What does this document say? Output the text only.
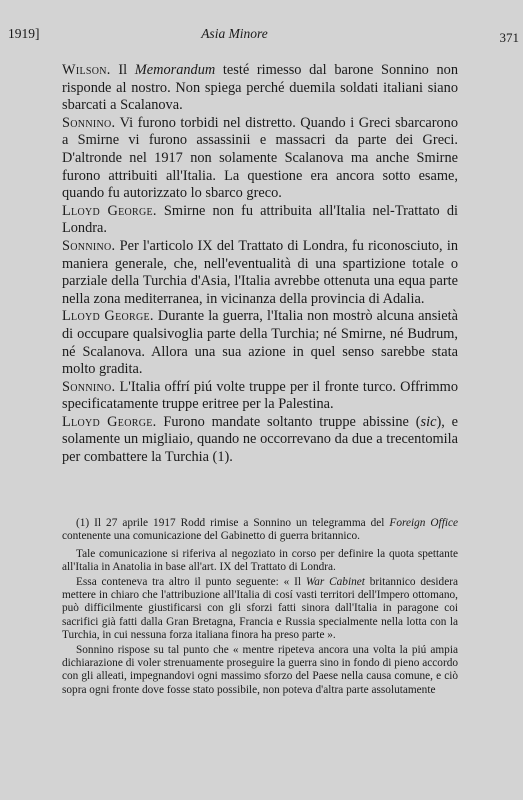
1919]	Asia Minore	371

Wilson. Il Memorandum testé rimesso dal barone Sonnino non risponde al nostro. Non spiega perché duemila soldati italiani siano sbarcati a Scalanova.

Sonnino. Vi furono torbidi nel distretto. Quando i Greci sbarcarono a Smirne vi furono assassinii e massacri da parte dei Greci. D'altronde nel 1917 non solamente Scalanova ma anche Smirne furono attribuiti all'Italia. La questione era ancora sotto esame, quando fu autorizzato lo sbarco greco.

Lloyd George. Smirne non fu attribuita all'Italia nel-Trattato di Londra.

Sonnino. Per l'articolo IX del Trattato di Londra, fu riconosciuto, in maniera generale, che, nell'eventualità di una spartizione totale o parziale della Turchia d'Asia, l'Italia avrebbe ottenuta una equa parte nella zona mediterranea, in vicinanza della provincia di Adalia.

Lloyd George. Durante la guerra, l'Italia non mostrò alcuna ansietà di occupare qualsivoglia parte della Turchia; né Smirne, né Budrum, né Scalanova. Allora una sua azione in quel senso sarebbe stata molto gradita.

Sonnino. L'Italia offrí piú volte truppe per il fronte turco. Offrimmo specificatamente truppe eritree per la Palestina.

Lloyd George. Furono mandate soltanto truppe abissine (sic), e solamente un migliaio, quando ne occorrevano da due a trecentomila per combattere la Turchia (1).

(1) Il 27 aprile 1917 Rodd rimise a Sonnino un telegramma del Foreign Office contenente una comunicazione del Gabinetto di guerra britannico.

Tale comunicazione si riferiva al negoziato in corso per definire la quota spettante all'Italia in Anatolia in base all'art. IX del Trattato di Londra.

Essa conteneva tra altro il punto seguente: « Il War Cabinet britannico desidera mettere in chiaro che l'attribuzione all'Italia di cosí vasti territori dell'Impero ottomano, può difficilmente giustificarsi con gli sforzi fatti sinora dall'Italia in paragone coi sacrifici già fatti dalla Gran Bretagna, Francia e Russia specialmente nella lotta con la Turchia, in cui nessuna forza italiana finora ha preso parte ».

Sonnino rispose su tal punto che « mentre ripeteva ancora una volta la piú ampia dichiarazione di voler strenuamente proseguire la guerra sino in fondo di pieno accordo con gli alleati, impegnandovi ogni massimo sforzo del Paese nella causa comune, e ciò sopra ogni fronte dove fosse stato possibile, non poteva d'altra parte assolutamente
